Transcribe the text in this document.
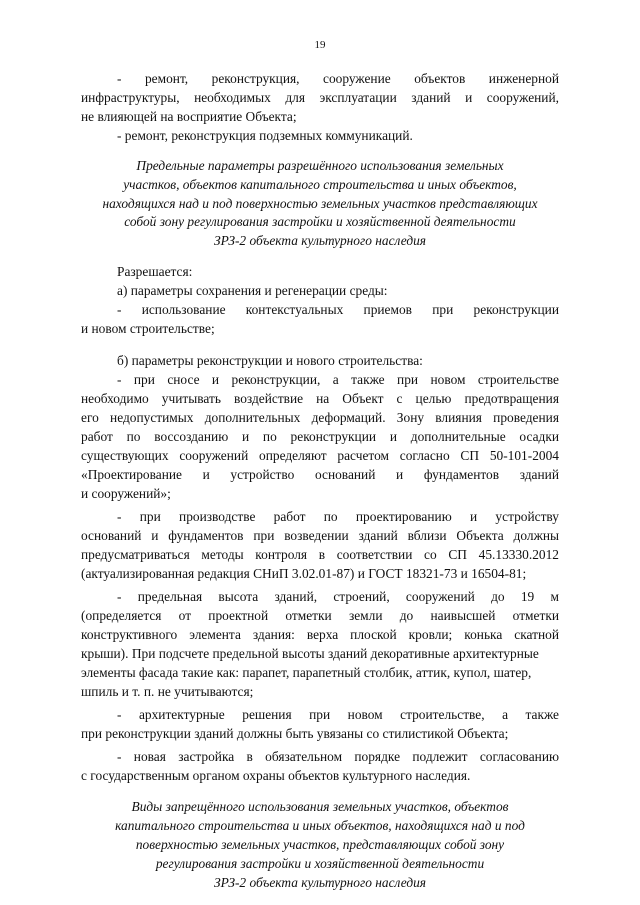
19
- ремонт, реконструкция, сооружение объектов инженерной
инфраструктуры, необходимых для эксплуатации зданий и сооружений,
не влияющей на восприятие Объекта;
- ремонт, реконструкция подземных коммуникаций.
Предельные параметры разрешённого использования земельных
участков, объектов капитального строительства и иных объектов,
находящихся над и под поверхностью земельных участков представляющих
собой зону регулирования застройки и хозяйственной деятельности
ЗРЗ-2 объекта культурного наследия
Разрешается:
а) параметры сохранения и регенерации среды:
- использование контекстуальных приемов при реконструкции
и новом строительстве;
б) параметры реконструкции и нового строительства:
- при сносе и реконструкции, а также при новом строительстве
необходимо учитывать воздействие на Объект с целью предотвращения
его недопустимых дополнительных деформаций. Зону влияния проведения
работ по воссозданию и по реконструкции и дополнительные осадки
существующих сооружений определяют расчетом согласно СП 50-101-2004
«Проектирование и устройство оснований и фундаментов зданий
и сооружений»;
- при производстве работ по проектированию и устройству
оснований и фундаментов при возведении зданий вблизи Объекта должны
предусматриваться методы контроля в соответствии со СП 45.13330.2012
(актуализированная редакция СНиП 3.02.01-87) и ГОСТ 18321-73 и 16504-81;
- предельная высота зданий, строений, сооружений до 19 м
(определяется от проектной отметки земли до наивысшей отметки
конструктивного элемента здания: верха плоской кровли; конька скатной
крыши). При подсчете предельной высоты зданий декоративные архитектурные
элементы фасада такие как: парапет, парапетный столбик, аттик, купол, шатер,
шпиль и т. п. не учитываются;
- архитектурные решения при новом строительстве, а также
при реконструкции зданий должны быть увязаны со стилистикой Объекта;
- новая застройка в обязательном порядке подлежит согласованию
с государственным органом охраны объектов культурного наследия.
Виды запрещённого использования земельных участков, объектов
капитального строительства и иных объектов, находящихся над и под
поверхностью земельных участков, представляющих собой зону
регулирования застройки и хозяйственной деятельности
ЗРЗ-2 объекта культурного наследия
